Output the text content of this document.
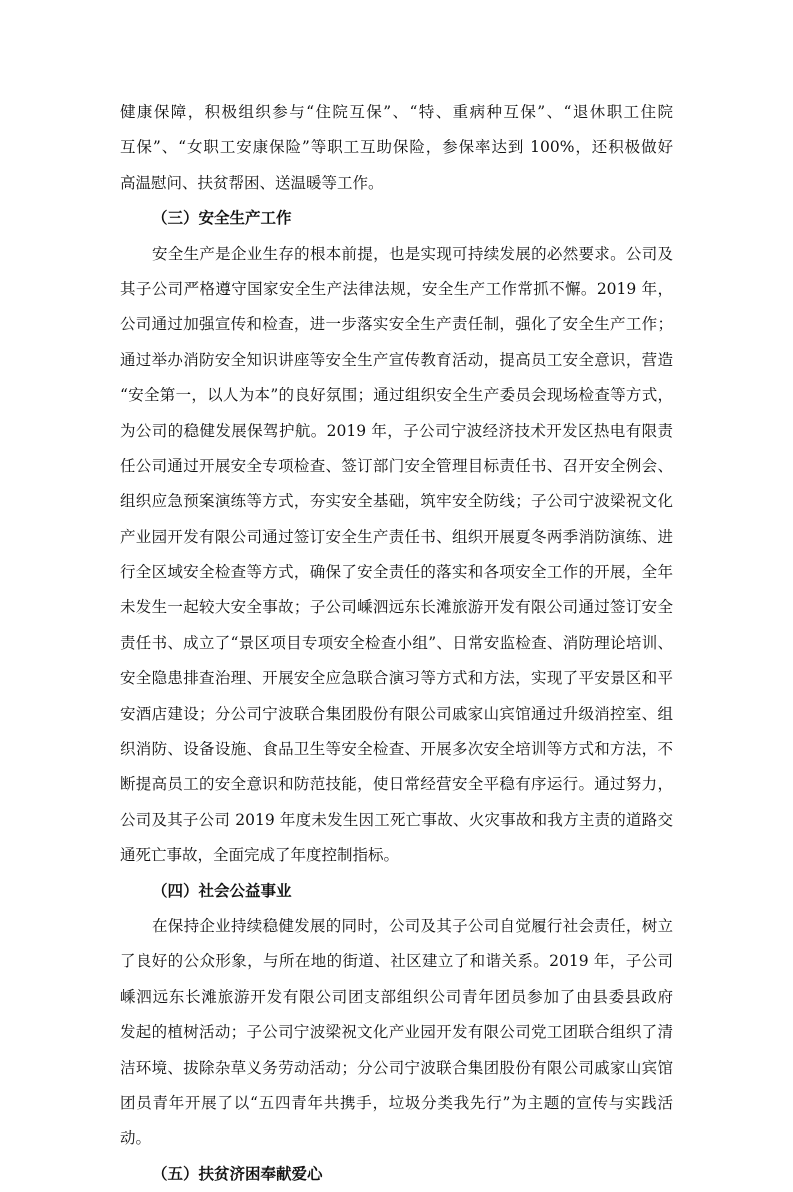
健康保障，积极组织参与“住院互保”、“特、重病种互保”、“退休职工住院
互保”、“女职工安康保险”等职工互助保险，参保率达到 100%，还积极做好
高温慰问、扶贫帮困、送温暖等工作。
（三）安全生产工作
安全生产是企业生存的根本前提，也是实现可持续发展的必然要求。公司及
其子公司严格遵守国家安全生产法律法规，安全生产工作常抓不懈。2019 年，
公司通过加强宣传和检查，进一步落实安全生产责任制，强化了安全生产工作；
通过举办消防安全知识讲座等安全生产宣传教育活动，提高员工安全意识，营造
“安全第一，以人为本”的良好氛围；通过组织安全生产委员会现场检查等方式，
为公司的稳健发展保驾护航。2019 年，子公司宁波经济技术开发区热电有限责
任公司通过开展安全专项检查、签订部门安全管理目标责任书、召开安全例会、
组织应急预案演练等方式，夯实安全基础，筑牢安全防线；子公司宁波梁祝文化
产业园开发有限公司通过签订安全生产责任书、组织开展夏冬两季消防演练、进
行全区域安全检查等方式，确保了安全责任的落实和各项安全工作的开展，全年
未发生一起较大安全事故；子公司嵊泗远东长滩旅游开发有限公司通过签订安全
责任书、成立了“景区项目专项安全检查小组”、日常安监检查、消防理论培训、
安全隐患排查治理、开展安全应急联合演习等方式和方法，实现了平安景区和平
安酒店建设；分公司宁波联合集团股份有限公司戚家山宾馆通过升级消控室、组
织消防、设备设施、食品卫生等安全检查、开展多次安全培训等方式和方法，不
断提高员工的安全意识和防范技能，使日常经营安全平稳有序运行。通过努力，
公司及其子公司 2019 年度未发生因工死亡事故、火灾事故和我方主责的道路交
通死亡事故，全面完成了年度控制指标。
（四）社会公益事业
在保持企业持续稳健发展的同时，公司及其子公司自觉履行社会责任，树立
了良好的公众形象，与所在地的街道、社区建立了和谐关系。2019 年，子公司
嵊泗远东长滩旅游开发有限公司团支部组织公司青年团员参加了由县委县政府
发起的植树活动；子公司宁波梁祝文化产业园开发有限公司党工团联合组织了清
洁环境、拔除杂草义务劳动活动；分公司宁波联合集团股份有限公司戚家山宾馆
团员青年开展了以“五四青年共携手，垃圾分类我先行”为主题的宣传与实践活
动。
（五）扶贫济困奉献爱心
